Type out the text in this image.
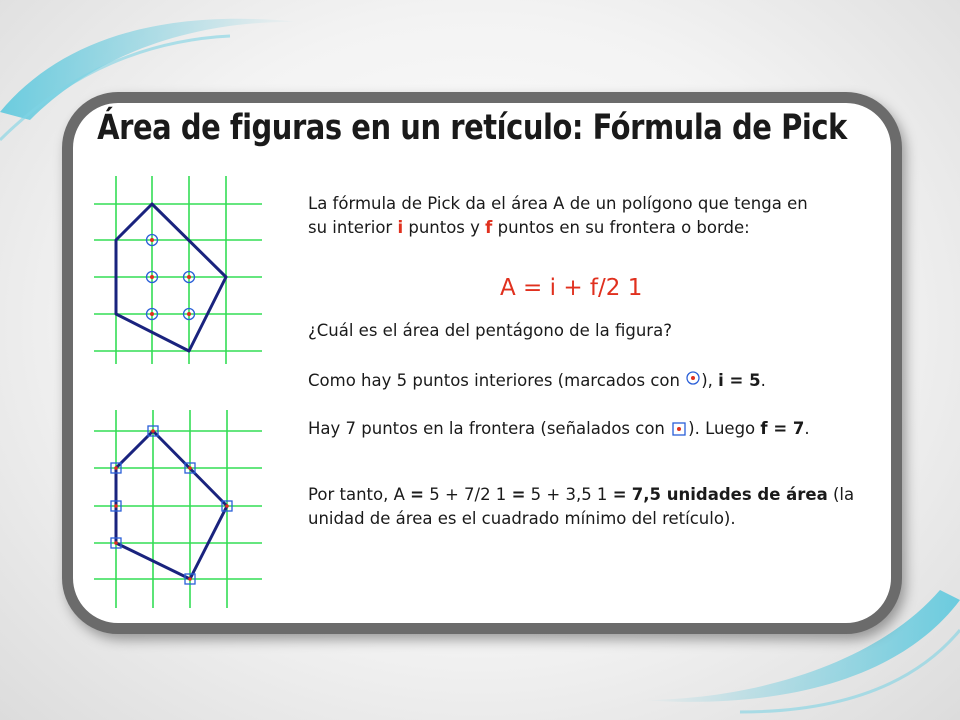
Área de figuras en un retículo: Fórmula de Pick

La fórmula de Pick da el área A de un polígono que tenga en su interior i puntos y f puntos en su frontera o borde:

A = i + f/2 1

¿Cuál es el área del pentágono de la figura?

Como hay 5 puntos interiores (marcados con ), i = 5.

Hay 7 puntos en la frontera (señalados con ). Luego f = 7.

Por tanto, A = 5 + 7/2 1 = 5 + 3,5 1 = 7,5 unidades de área (la unidad de área es el cuadrado mínimo del retículo).
